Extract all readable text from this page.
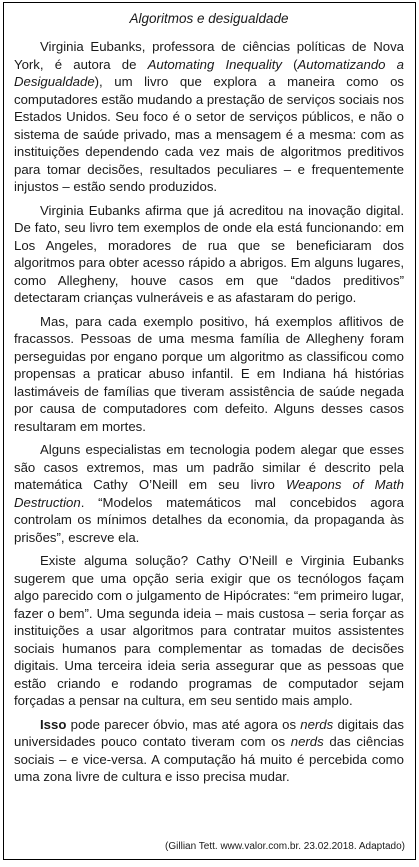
Algoritmos e desigualdade

Virginia Eubanks, professora de ciências políticas de Nova York, é autora de Automating Inequality (Automatizando a Desigualdade), um livro que explora a maneira como os computadores estão mudando a prestação de serviços sociais nos Estados Unidos. Seu foco é o setor de serviços públicos, e não o sistema de saúde privado, mas a mensagem é a mesma: com as instituições dependendo cada vez mais de algoritmos preditivos para tomar decisões, resultados peculiares – e frequentemente injustos – estão sendo produzidos.

Virginia Eubanks afirma que já acreditou na inovação digital. De fato, seu livro tem exemplos de onde ela está funcionando: em Los Angeles, moradores de rua que se beneficiaram dos algoritmos para obter acesso rápido a abrigos. Em alguns lugares, como Allegheny, houve casos em que “dados preditivos” detectaram crianças vulneráveis e as afastaram do perigo.

Mas, para cada exemplo positivo, há exemplos aflitivos de fracassos. Pessoas de uma mesma família de Allegheny foram perseguidas por engano porque um algoritmo as classificou como propensas a praticar abuso infantil. E em Indiana há histórias lastimáveis de famílias que tiveram assistência de saúde negada por causa de computadores com defeito. Alguns desses casos resultaram em mortes.

Alguns especialistas em tecnologia podem alegar que esses são casos extremos, mas um padrão similar é descrito pela matemática Cathy O’Neill em seu livro Weapons of Math Destruction. “Modelos matemáticos mal concebidos agora controlam os mínimos detalhes da economia, da propaganda às prisões”, escreve ela.

Existe alguma solução? Cathy O’Neill e Virginia Eubanks sugerem que uma opção seria exigir que os tecnólogos façam algo parecido com o julgamento de Hipócrates: “em primeiro lugar, fazer o bem”. Uma segunda ideia – mais custosa – seria forçar as instituições a usar algoritmos para contratar muitos assistentes sociais humanos para complementar as tomadas de decisões digitais. Uma terceira ideia seria assegurar que as pessoas que estão criando e rodando programas de computador sejam forçadas a pensar na cultura, em seu sentido mais amplo.

Isso pode parecer óbvio, mas até agora os nerds digitais das universidades pouco contato tiveram com os nerds das ciências sociais – e vice-versa. A computação há muito é percebida como uma zona livre de cultura e isso precisa mudar.

(Gillian Tett. www.valor.com.br. 23.02.2018. Adaptado)
